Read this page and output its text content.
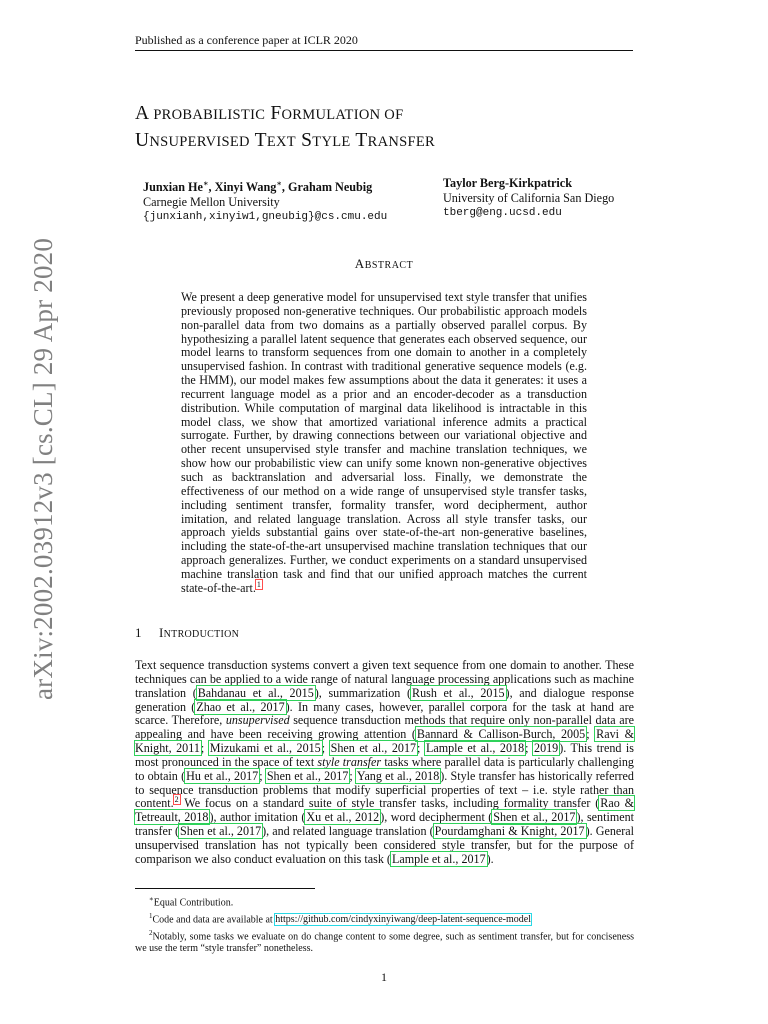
Published as a conference paper at ICLR 2020
A PROBABILISTIC FORMULATION OF
UNSUPERVISED TEXT STYLE TRANSFER
Junxian He∗, Xinyi Wang∗, Graham Neubig
Carnegie Mellon University
{junxianh,xinyiw1,gneubig}@cs.cmu.edu
Taylor Berg-Kirkpatrick
University of California San Diego
tberg@eng.ucsd.edu
ABSTRACT
We present a deep generative model for unsupervised text style transfer that unifies previously proposed non-generative techniques. Our probabilistic approach models non-parallel data from two domains as a partially observed parallel corpus. By hypothesizing a parallel latent sequence that generates each observed sequence, our model learns to transform sequences from one domain to another in a completely unsupervised fashion. In contrast with traditional generative sequence models (e.g. the HMM), our model makes few assumptions about the data it generates: it uses a recurrent language model as a prior and an encoder-decoder as a transduction distribution. While computation of marginal data likelihood is intractable in this model class, we show that amortized variational inference admits a practical surrogate. Further, by drawing connections between our variational objective and other recent unsupervised style transfer and machine translation techniques, we show how our probabilistic view can unify some known non-generative objectives such as backtranslation and adversarial loss. Finally, we demonstrate the effectiveness of our method on a wide range of unsupervised style transfer tasks, including sentiment transfer, formality transfer, word decipherment, author imitation, and related language translation. Across all style transfer tasks, our approach yields substantial gains over state-of-the-art non-generative baselines, including the state-of-the-art unsupervised machine translation techniques that our approach generalizes. Further, we conduct experiments on a standard unsupervised machine translation task and find that our unified approach matches the current state-of-the-art.$^1$
1 INTRODUCTION
Text sequence transduction systems convert a given text sequence from one domain to another. These techniques can be applied to a wide range of natural language processing applications such as machine translation (Bahdanau et al., 2015), summarization (Rush et al., 2015), and dialogue response generation (Zhao et al., 2017). In many cases, however, parallel corpora for the task at hand are scarce. Therefore, unsupervised sequence transduction methods that require only non-parallel data are appealing and have been receiving growing attention (Bannard & Callison-Burch, 2005; Ravi & Knight, 2011; Mizukami et al., 2015; Shen et al., 2017; Lample et al., 2018; 2019). This trend is most pronounced in the space of text style transfer tasks where parallel data is particularly challenging to obtain (Hu et al., 2017; Shen et al., 2017; Yang et al., 2018). Style transfer has historically referred to sequence transduction problems that modify superficial properties of text – i.e. style rather than content.$^2$ We focus on a standard suite of style transfer tasks, including formality transfer (Rao & Tetreault, 2018), author imitation (Xu et al., 2012), word decipherment (Shen et al., 2017), sentiment transfer (Shen et al., 2017), and related language translation (Pourdamghani & Knight, 2017). General unsupervised translation has not typically been considered style transfer, but for the purpose of comparison we also conduct evaluation on this task (Lample et al., 2017).

∗Equal Contribution.

$^1$Code and data are available at https://github.com/cindyxinyiwang/deep-latent-sequence-model

$^2$Notably, some tasks we evaluate on do change content to some degree, such as sentiment transfer, but for conciseness we use the term “style transfer” nonetheless.

1
arXiv:2002.03912v3 [cs.CL] 29 Apr 2020
